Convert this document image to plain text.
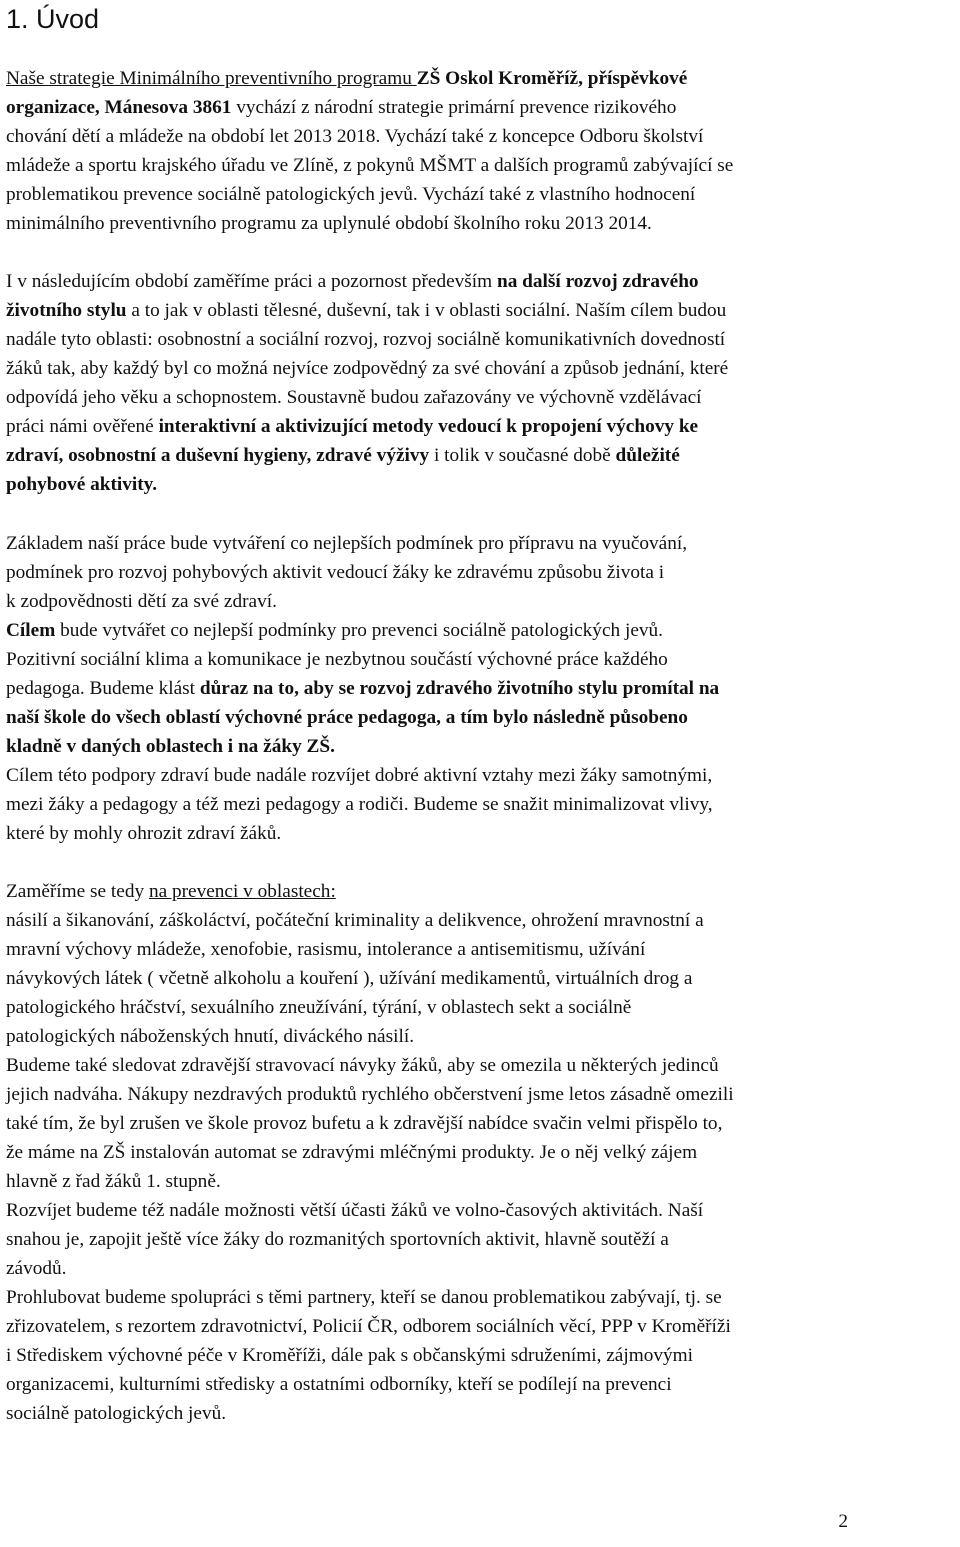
1. Úvod
Naše strategie Minimálního preventivního programu ZŠ Oskol Kroměříž, příspěvkové
organizace, Mánesova 3861 vychází z národní strategie primární prevence rizikového
chování dětí a mládeže na období let 2013 2018. Vychází také z koncepce Odboru školství
mládeže a sportu krajského úřadu ve Zlíně, z pokynů MŠMT a dalších programů zabývající se
problematikou prevence sociálně patologických jevů. Vychází také z vlastního hodnocení
minimálního preventivního programu za uplynulé období školního roku 2013 2014.
I v následujícím období zaměříme práci a pozornost především na další rozvoj zdravého
životního stylu a to jak v oblasti tělesné, duševní, tak i v oblasti sociální. Naším cílem budou
nadále tyto oblasti: osobnostní a sociální rozvoj, rozvoj sociálně komunikativních dovedností
žáků tak, aby každý byl co možná nejvíce zodpovědný za své chování a způsob jednání, které
odpovídá jeho věku a schopnostem. Soustavně budou zařazovány ve výchovně vzdělávací
práci námi ověřené interaktivní a aktivizující metody vedoucí k propojení výchovy ke
zdraví, osobnostní a duševní hygieny, zdravé výživy i tolik v současné době důležité
pohybové aktivity.
Základem naší práce bude vytváření co nejlepších podmínek pro přípravu na vyučování,
podmínek pro rozvoj pohybových aktivit vedoucí žáky ke zdravému způsobu života i
k zodpovědnosti dětí za své zdraví.
Cílem bude vytvářet co nejlepší podmínky pro prevenci sociálně patologických jevů.
Pozitivní sociální klima a komunikace je nezbytnou součástí výchovné práce každého
pedagoga. Budeme klást důraz na to, aby se rozvoj zdravého životního stylu promítal na
naší škole do všech oblastí výchovné práce pedagoga, a tím bylo následně působeno
kladně v daných oblastech i na žáky ZŠ.
Cílem této podpory zdraví bude nadále rozvíjet dobré aktivní vztahy mezi žáky samotnými,
mezi žáky a pedagogy a též mezi pedagogy a rodiči. Budeme se snažit minimalizovat vlivy,
které by mohly ohrozit zdraví žáků.
Zaměříme se tedy na prevenci v oblastech:
násilí a šikanování, záškoláctví, počáteční kriminality a delikvence, ohrožení mravnostní a
mravní výchovy mládeže, xenofobie, rasismu, intolerance a antisemitismu, užívání
návykových látek ( včetně alkoholu a kouření ), užívání medikamentů, virtuálních drog a
patologického hráčství, sexuálního zneužívání, týrání, v oblastech sekt a sociálně
patologických náboženských hnutí, diváckého násilí.
Budeme také sledovat zdravější stravovací návyky žáků, aby se omezila u některých jedinců
jejich nadváha. Nákupy nezdravých produktů rychlého občerstvení jsme letos zásadně omezili
také tím, že byl zrušen ve škole provoz bufetu a k zdravější nabídce svačin velmi přispělo to,
že máme na ZŠ instalován automat se zdravými mléčnými produkty. Je o něj velký zájem
hlavně z řad žáků 1. stupně.
Rozvíjet budeme též nadále možnosti větší účasti žáků ve volno-časových aktivitách. Naší
snahou je, zapojit ještě více žáky do rozmanitých sportovních aktivit, hlavně soutěží a
závodů.
Prohlubovat budeme spolupráci s těmi partnery, kteří se danou problematikou zabývají, tj. se
zřizovatelem, s rezortem zdravotnictví, Policií ČR, odborem sociálních věcí, PPP v Kroměříži
i Střediskem výchovné péče v Kroměříži, dále pak s občanskými sdruženími, zájmovými
organizacemi, kulturními středisky a ostatními odborníky, kteří se podílejí na prevenci
sociálně patologických jevů.
2
